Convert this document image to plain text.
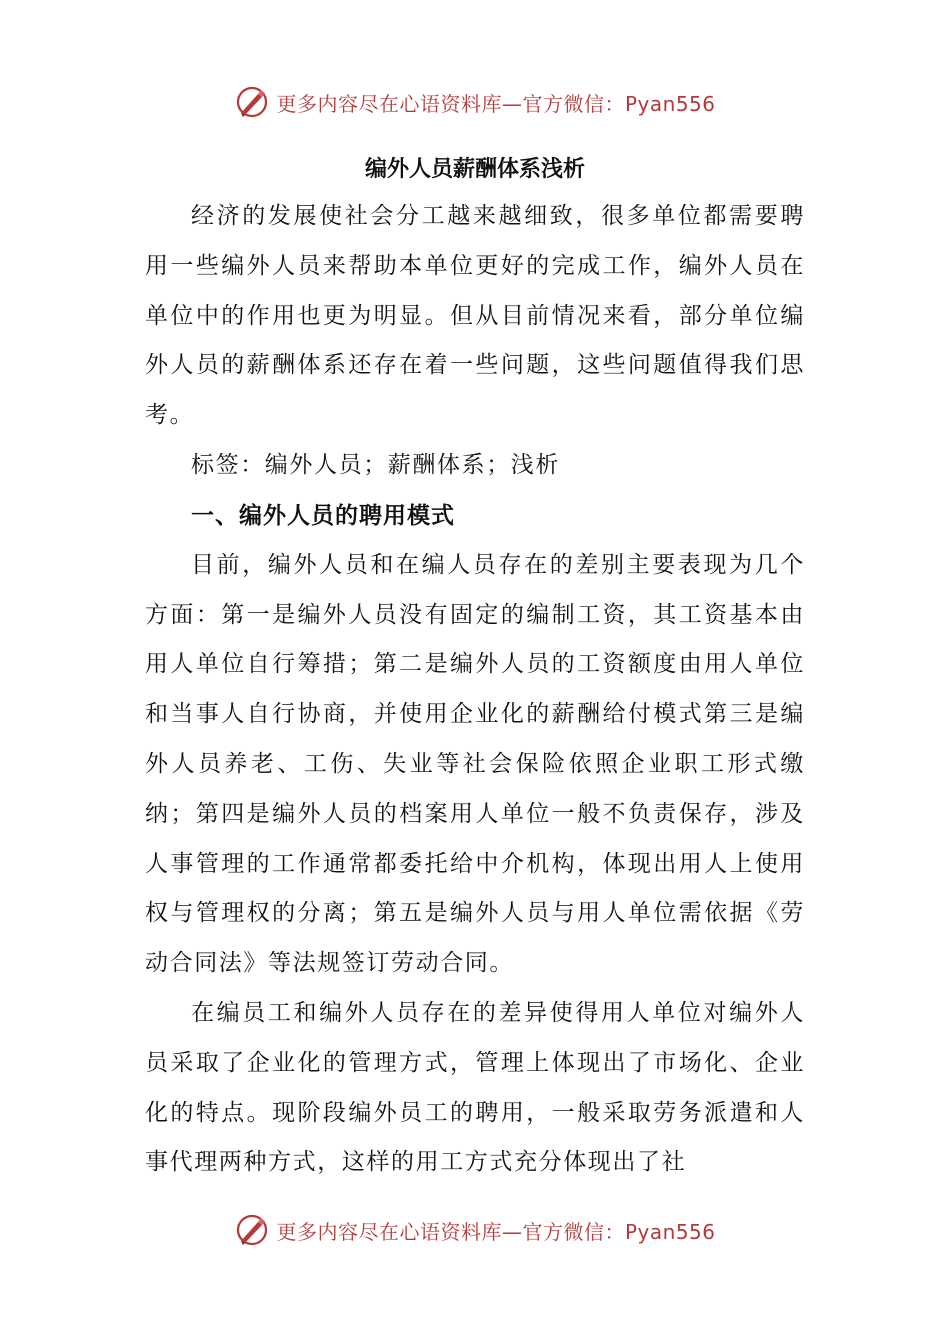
更多内容尽在心语资料库—官方微信：Pyan556
编外人员薪酬体系浅析

经济的发展使社会分工越来越细致，很多单位都需要聘用一些编外人员来帮助本单位更好的完成工作，编外人员在单位中的作用也更为明显。但从目前情况来看，部分单位编外人员的薪酬体系还存在着一些问题，这些问题值得我们思考。

标签：编外人员；薪酬体系；浅析

一、编外人员的聘用模式

目前，编外人员和在编人员存在的差别主要表现为几个方面：第一是编外人员没有固定的编制工资，其工资基本由用人单位自行筹措；第二是编外人员的工资额度由用人单位和当事人自行协商，并使用企业化的薪酬给付模式第三是编外人员养老、工伤、失业等社会保险依照企业职工形式缴纳；第四是编外人员的档案用人单位一般不负责保存，涉及人事管理的工作通常都委托给中介机构，体现出用人上使用权与管理权的分离；第五是编外人员与用人单位需依据《劳动合同法》等法规签订劳动合同。

在编员工和编外人员存在的差异使得用人单位对编外人员采取了企业化的管理方式，管理上体现出了市场化、企业化的特点。现阶段编外员工的聘用，一般采取劳务派遣和人事代理两种方式，这样的用工方式充分体现出了社

更多内容尽在心语资料库—官方微信：Pyan556
